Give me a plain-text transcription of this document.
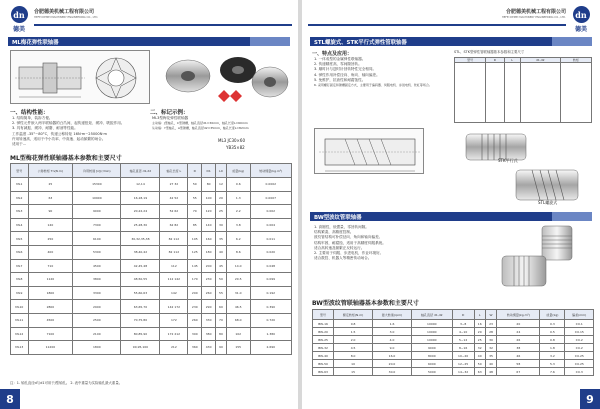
dn
德美
合肥德美机械工程有限公司
HEFEI DEMEI MACHINERY ENGINEERING CO., LTD.
ML梅花弹性联轴器
一、结构性能：
1. 结构简单，装拆方便。
2. 弹性元件嵌入两半联轴器的凸爪间，起传递扭矩、缓冲、吸振作用。
3. 具有减振、缓冲、耐磨、耐油等性能。
工作温度 -35°~80°C，传递公称转矩 16N·m~25000N·m
许用转速高，适用于中小功率、中高速、起动频繁的场合。
适用于...
二、标记示例：
ML3型梅花弹性联轴器
主动端：J型轴孔，C型键槽，轴孔直径d1=30mm，轴孔长度L=60mm
从动端：Y型轴孔，A型键槽，轴孔直径d2=35mm，轴孔长度L=82mm
ML3 JC30×60
YB35×82
ML型梅花弹性联轴器基本参数和主要尺寸
型号	公称转矩 Tn(N·m)	许用转速 [n](r/min)	轴孔直径 d1,d2	轴孔长度 L	D	D1	L0	质量(kg)	转动惯量(kg·m²)
ML1	25	15300	12,14	27 32	50	80	12	0.6	0.0002
ML2	63	10900	16,18,19	42 52	55	100	20	1.3	0.0007
ML3	90	9000	20,22,24	52 62	70	120	25	2.2	0.002
ML4	140	7300	25,28,30	62 82	85	140	30	3.8	0.004
ML5	250	6100	30,32,35,38	82 112	105	160	35	6.2	0.011
ML6	400	5300	38,40,42	82 112	125	180	40	8.6	0.020
ML7	710	4500	42,45,48	112	145	200	45	14.0	0.048
ML8	1120	3800	48,50,55	112 142	170	230	50	20.5	0.099
ML9	1800	3300	55,60,63	142	200	260	55	31.0	0.192
ML10	2800	2900	63,65,70	142 172	230	290	60	46.5	0.390
ML11	4500	2500	70,75,80	172	260	330	70	68.0	0.720
ML12	7100	2100	80,85,90	172 212	300	380	80	102	1.380
ML13	11200	1800	90,95,100	212	360	430	90	155	2.690
注：1. 轴孔直径d与d1可用于J型轴孔。 2. 表中重量为实际轴孔最大重量。
8
合肥德美机械工程有限公司
HEFEI DEMEI MACHINERY ENGINEERING CO., LTD.	dn
德美
STL螺旋式、STK平行式弹性管联轴器
一、特点及应用：
1. 一体成型的金属弹性联轴器。
2. 传递精度高，零间隙回转。
3. 顺时针与逆时针回转特性完全相同。
4. 弹性作用补偿径向、角向、轴向偏差。
5. 免维护，抗油性和耐腐蚀性。
6. 采用螺钉固定和键槽固定方式，主要用于编码器、伺服电机、步进电机、丝杠等场合。
STL、STK型弹性管联轴器基本参数和主要尺寸
型号	D	L	d1,d2	转矩

STK平行式
STL螺旋式
BW型波纹管联轴器
1. 高刚性，低惯量，零回转间隙。
结构紧凑，高精度控制。
波纹管结构可补偿径向、角向和轴向偏差。
结构牢固，耐腐蚀，适用于高精度伺服系统。
适合高转速及频繁正反转运行。
2. 主要用于伺服、步进电机，作业环境好。
适合数控、机器人等精密传动场合。
BW型波纹管联轴器基本参数和主要尺寸
型号	额定转矩(N·m)	最大转速(rpm)	轴孔直径 d1,d2	D	L	W	转动惯量(kg·m²)	质量(kg)	偏差(mm)
BW-16	0.8	1.6	10000	3~8	16	23	20	0.3	±0.1
BW-20	1.5	3.0	10000	4~10	20	28	24	0.5	±0.15
BW-25	2.0	4.0	10000	5~12	25	30	26	0.8	±0.2
BW-32	4.5	9.0	9000	8~16	32	32	38	1.8	±0.2
BW-40	8.0	16.0	8000	10~20	40	35	46	3.2	±0.25
BW-50	10	20.0	6000	12~25	50	40	58	5.3	±0.25
BW-63	15	30.0	5000	14~32	63	48	67	7.6	±0.3
9
